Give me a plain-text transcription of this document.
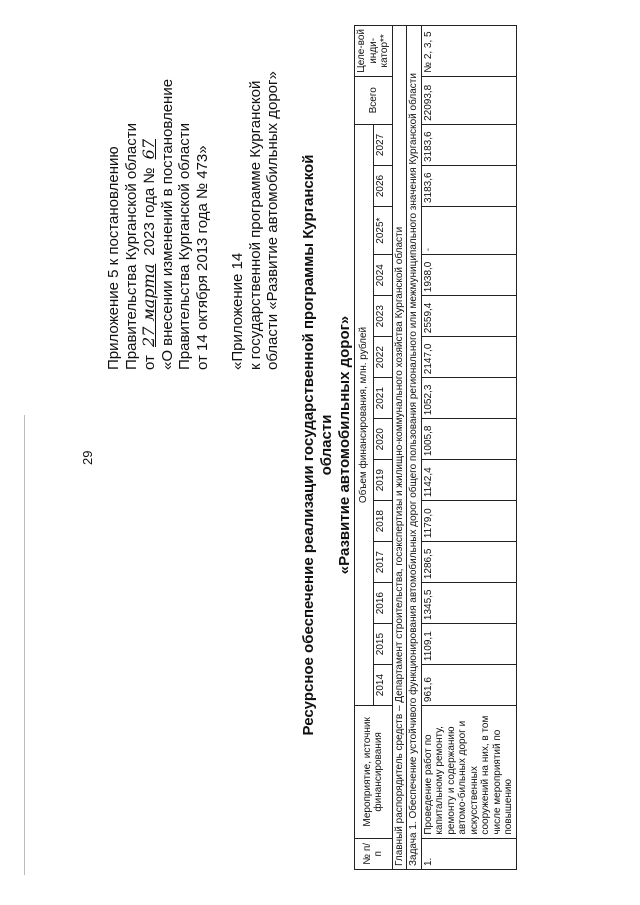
29
Приложение 5 к постановлению Правительства Курганской области от 27 марта 2023 года № 67 «О внесении изменений в постановление Правительства Курганской области от 14 октября 2013 года № 473» «Приложение 14 к государственной программе Курганской области «Развитие автомобильных дорог» Ресурсное обеспечение реализации государственной программы Курганской области «Развитие автомобильных дорог»
№ п/п	Мероприятие, источник финансирования	Объем финансирования, млн. рублей														Всего	Целе-вой инди-катор**
		2014	2015	2016	2017	2018	2019	2020	2021	2022	2023	2024	2025*	2026	2027		
Главный распорядитель средств – Департамент строительства, госэкспертизы и жилищно-коммунального хозяйства Курганской области																	
Задача 1. Обеспечение устойчивого функционирования автомобильных дорог общего пользования регионального или межмуниципального значения Курганской области																	
1.	Проведение работ по капитальному ремонту, ремонту и содержанию автомо-бильных дорог и искусственных сооружений на них, в том числе мероприятий по повышению	961,6	1109,1	1345,5	1286,5	1179,0	1142,4	1005,8	1052,3	2147,0	2559,4	1938,0	-	3183,6	3183,6	22093,8	№ 2, 3, 5
